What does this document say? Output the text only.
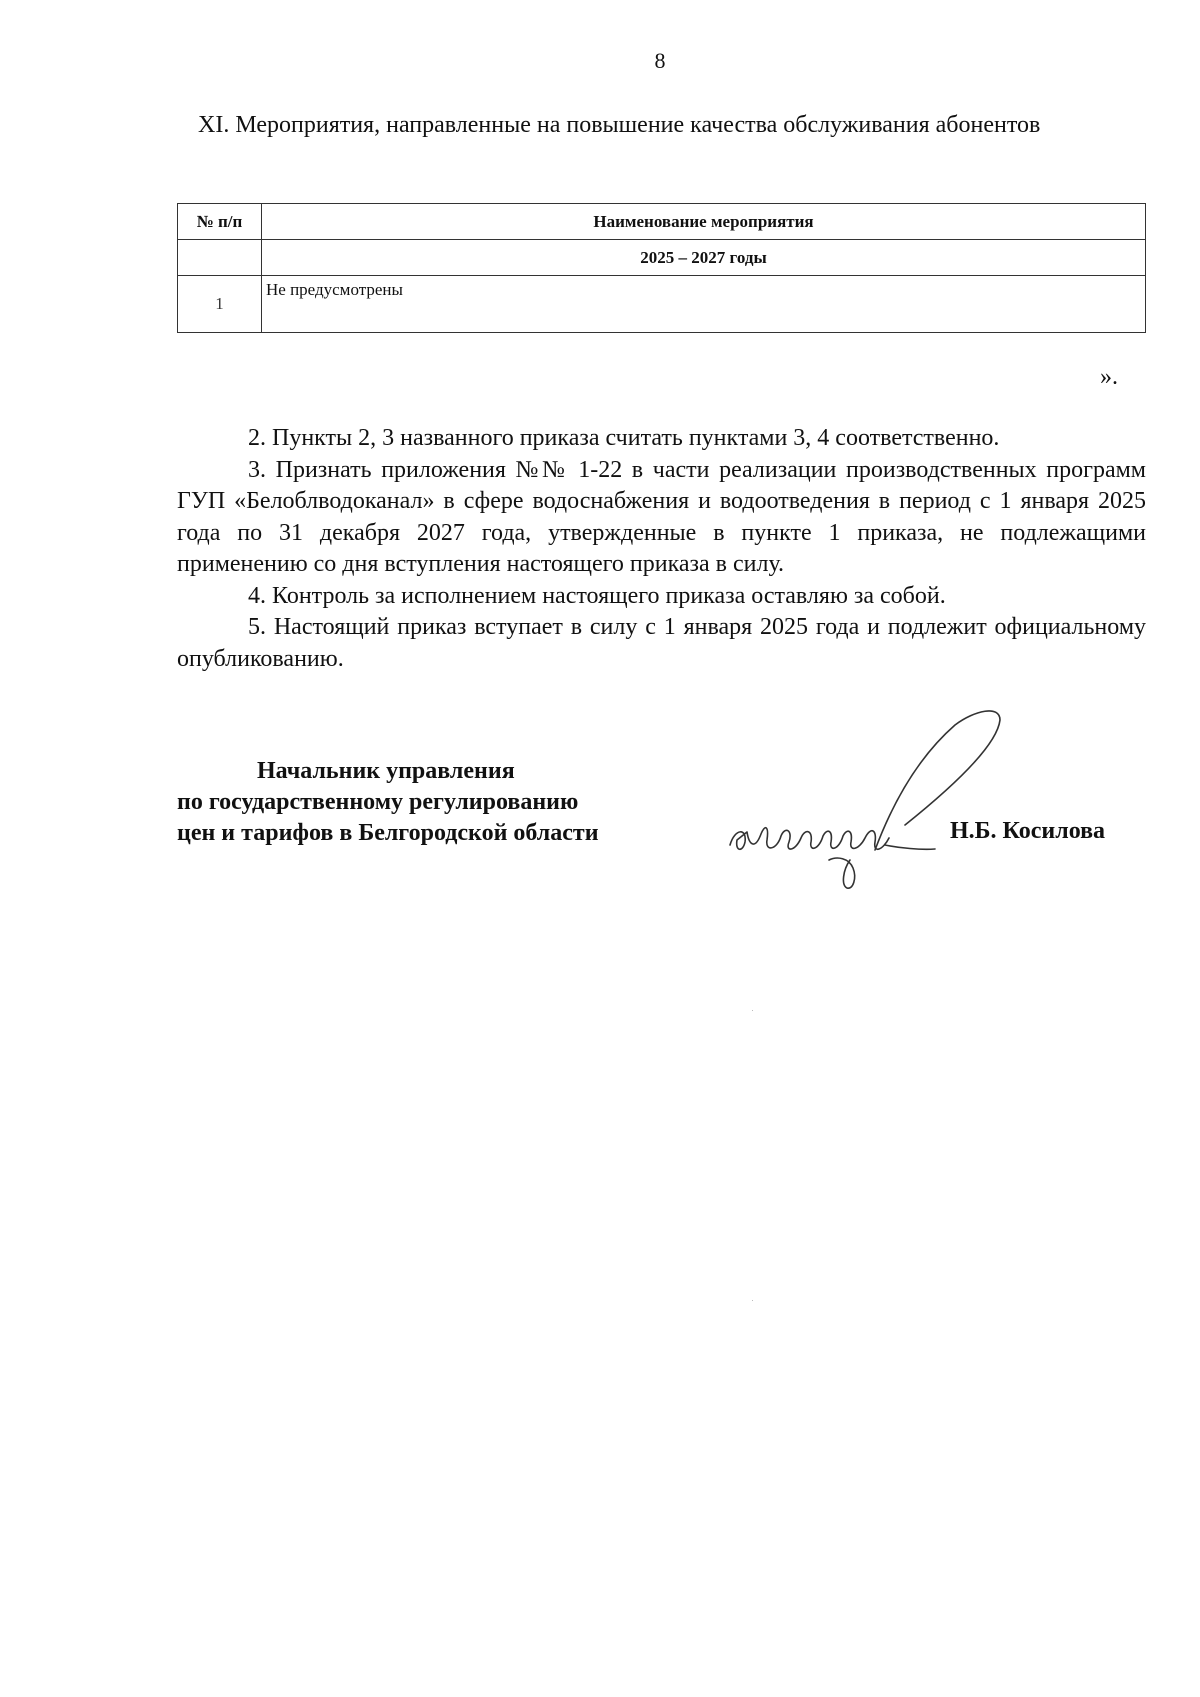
8
XI. Мероприятия, направленные на повышение качества обслуживания абонентов
№ п/п	Наименование мероприятия
	2025 – 2027 годы
1	Не предусмотрены
».

2. Пункты 2, 3 названного приказа считать пунктами 3, 4 соответственно.

3. Признать приложения №№ 1-22 в части реализации производственных программ ГУП «Белоблводоканал» в сфере водоснабжения и водоотведения в период с 1 января 2025 года по 31 декабря 2027 года, утвержденные в пункте 1 приказа, не подлежащими применению со дня вступления настоящего приказа в силу.

4. Контроль за исполнением настоящего приказа оставляю за собой.

5. Настоящий приказ вступает в силу с 1 января 2025 года и подлежит официальному опубликованию.

Начальник управления
по государственному регулированию
цен и тарифов в Белгородской области	Н.Б. Косилова
